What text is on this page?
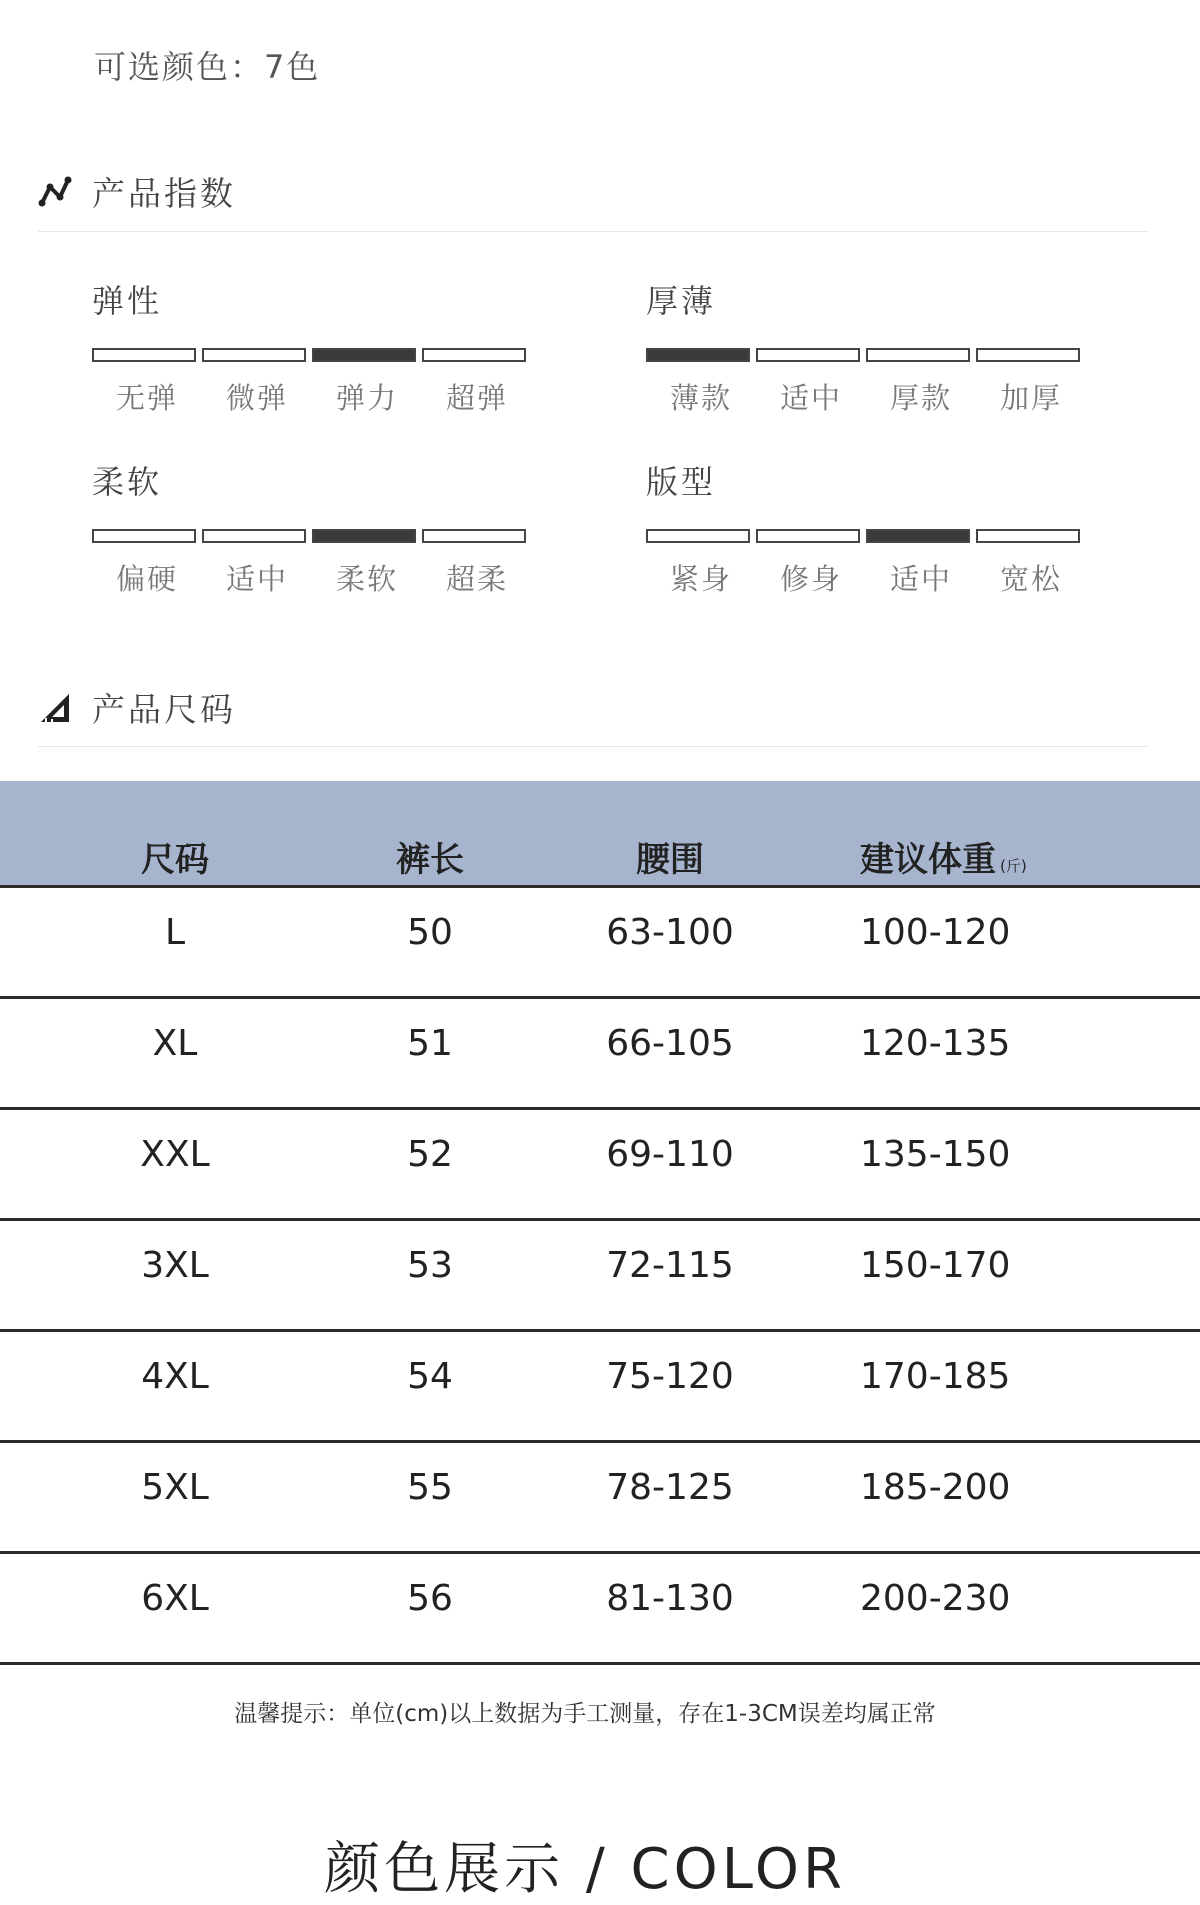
可选颜色：7色
产品指数
弹性
无弹	微弹	弹力	超弹
厚薄
薄款	适中	厚款	加厚
柔软
偏硬	适中	柔软	超柔
版型
紧身	修身	适中	宽松
产品尺码
尺码	裤长	腰围	建议体重 (斤)
L	50	63-100	100-120
XL	51	66-105	120-135
XXL	52	69-110	135-150
3XL	53	72-115	150-170
4XL	54	75-120	170-185
5XL	55	78-125	185-200
6XL	56	81-130	200-230
温馨提示：单位(cm)以上数据为手工测量，存在1-3CM误差均属正常
颜色展示 / COLOR
